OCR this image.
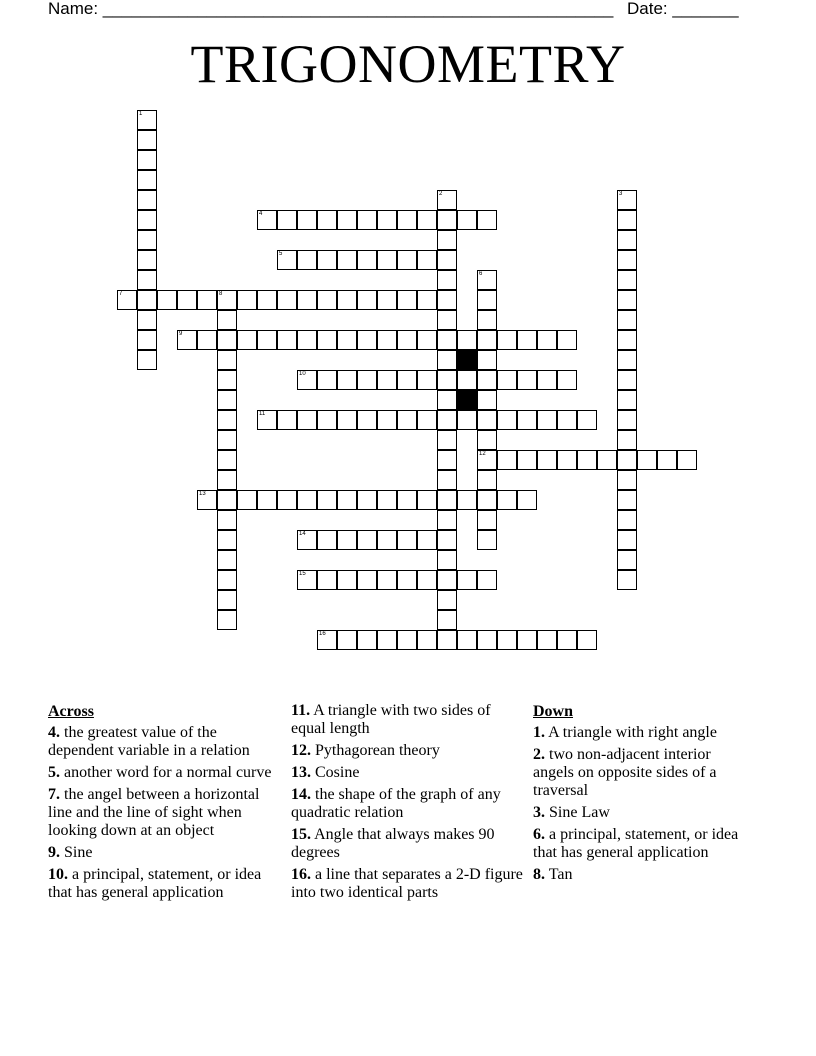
Name: ______________________________________________________ Date: _______
TRIGONOMETRY
1
2	3
4
5
6
12
7	8
9
10
11
13
14
15
16
Across
4. the greatest value of the dependent variable in a relation
5. another word for a normal curve
7. the angel between a horizontal line and the line of sight when looking down at an object
9. Sine
10. a principal, statement, or idea that has general application
11. A triangle with two sides of equal length
12. Pythagorean theory
13. Cosine
14. the shape of the graph of any quadratic relation
15. Angle that always makes 90 degrees
16. a line that separates a 2-D figure into two identical parts
Down
1. A triangle with right angle
2. two non-adjacent interior angels on opposite sides of a traversal
3. Sine Law
6. a principal, statement, or idea that has general application
8. Tan
